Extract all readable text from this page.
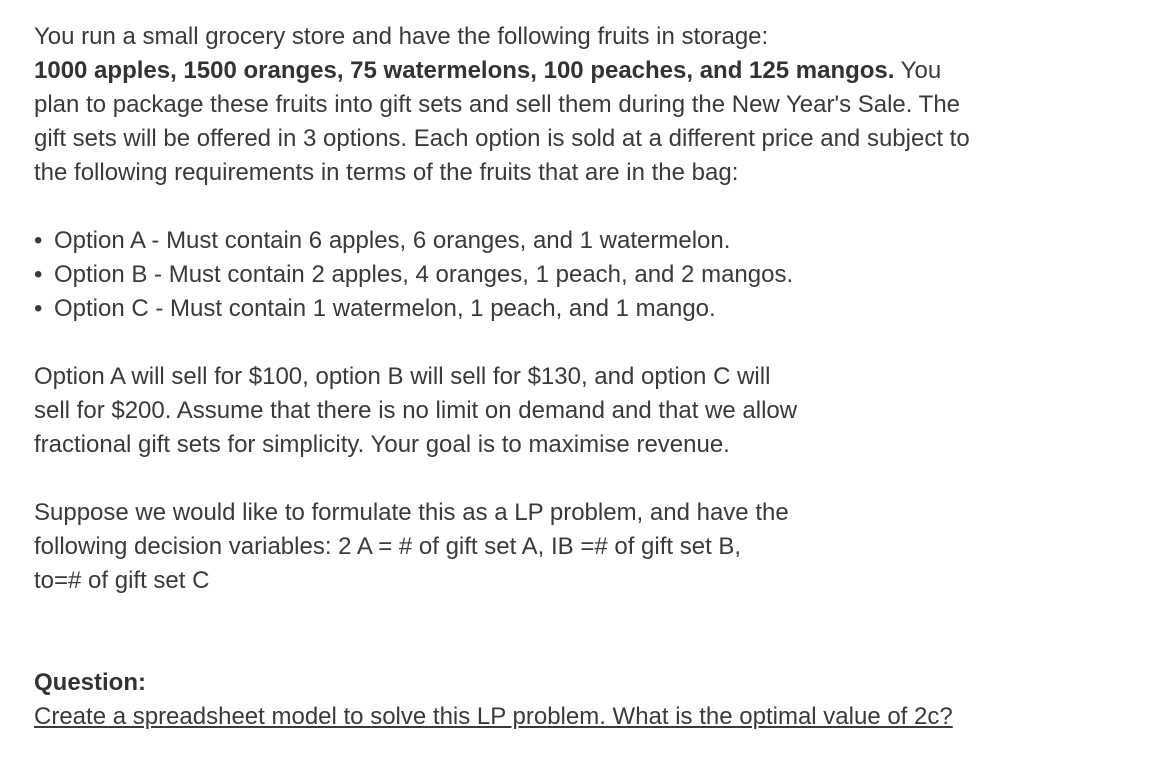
You run a small grocery store and have the following fruits in storage:
1000 apples, 1500 oranges, 75 watermelons, 100 peaches, and 125 mangos. You
plan to package these fruits into gift sets and sell them during the New Year's Sale. The
gift sets will be offered in 3 options. Each option is sold at a different price and subject to
the following requirements in terms of the fruits that are in the bag:
• Option A - Must contain 6 apples, 6 oranges, and 1 watermelon.
• Option B - Must contain 2 apples, 4 oranges, 1 peach, and 2 mangos.
• Option C - Must contain 1 watermelon, 1 peach, and 1 mango.
Option A will sell for $100, option B will sell for $130, and option C will
sell for $200. Assume that there is no limit on demand and that we allow
fractional gift sets for simplicity. Your goal is to maximise revenue.
Suppose we would like to formulate this as a LP problem, and have the
following decision variables: 2 A = # of gift set A, IB =# of gift set B,
to=# of gift set C
Question:
Create a spreadsheet model to solve this LP problem. What is the optimal value of 2c?
